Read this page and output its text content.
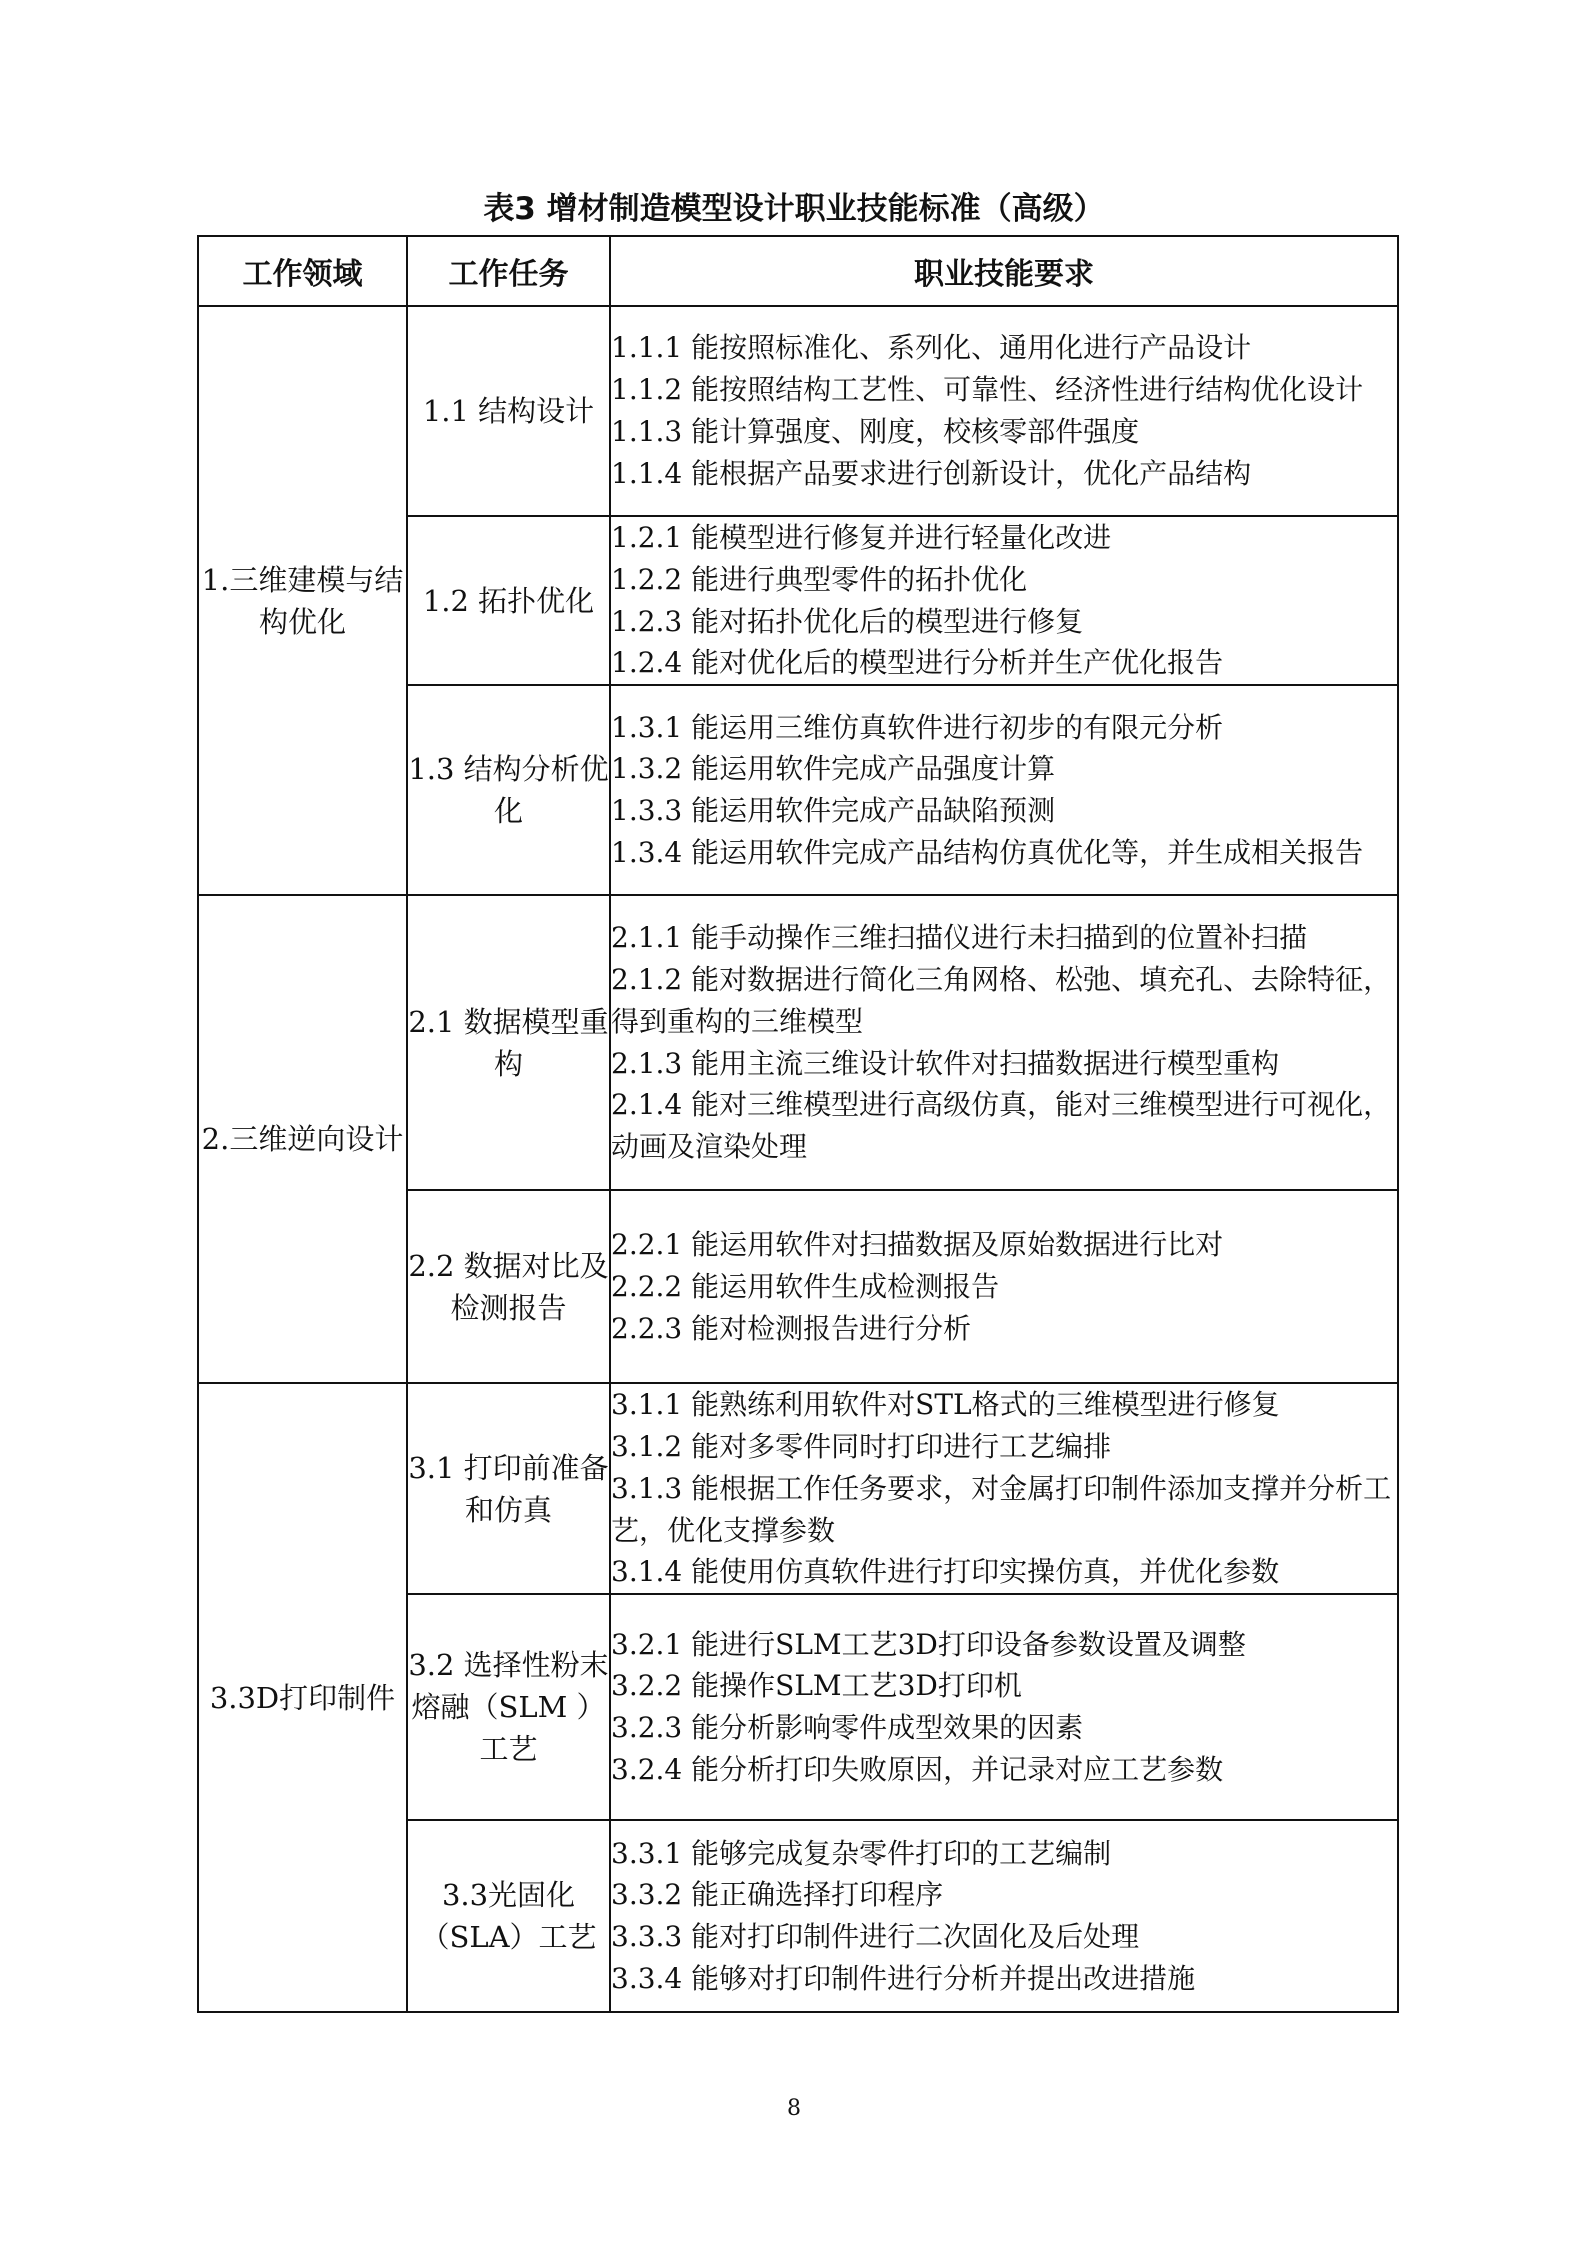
表3 增材制造模型设计职业技能标准（高级）
工作领域	工作任务	职业技能要求
1.三维建模与结构优化	1.1 结构设计	1.1.1 能按照标准化、系列化、通用化进行产品设计
1.1.2 能按照结构工艺性、可靠性、经济性进行结构优化设计
1.1.3 能计算强度、刚度，校核零部件强度
1.1.4 能根据产品要求进行创新设计，优化产品结构

	1.2 拓扑优化	1.2.1 能模型进行修复并进行轻量化改进
1.2.2 能进行典型零件的拓扑优化
1.2.3 能对拓扑优化后的模型进行修复
1.2.4 能对优化后的模型进行分析并生产优化报告

	1.3 结构分析优化	1.3.1 能运用三维仿真软件进行初步的有限元分析
1.3.2 能运用软件完成产品强度计算
1.3.3 能运用软件完成产品缺陷预测
1.3.4 能运用软件完成产品结构仿真优化等，并生成相关报告

2.三维逆向设计	2.1 数据模型重构	2.1.1 能手动操作三维扫描仪进行未扫描到的位置补扫描
2.1.2 能对数据进行简化三角网格、松弛、填充孔、去除特征，得到重构的三维模型
2.1.3 能用主流三维设计软件对扫描数据进行模型重构
2.1.4 能对三维模型进行高级仿真，能对三维模型进行可视化，动画及渲染处理

	2.2 数据对比及检测报告	2.2.1 能运用软件对扫描数据及原始数据进行比对
2.2.2 能运用软件生成检测报告
2.2.3 能对检测报告进行分析

3.3D打印制件	3.1 打印前准备和仿真	3.1.1 能熟练利用软件对STL格式的三维模型进行修复
3.1.2 能对多零件同时打印进行工艺编排
3.1.3 能根据工作任务要求，对金属打印制件添加支撑并分析工艺，优化支撑参数
3.1.4 能使用仿真软件进行打印实操仿真，并优化参数

	3.2 选择性粉末熔融（SLM ）工艺	3.2.1 能进行SLM工艺3D打印设备参数设置及调整
3.2.2 能操作SLM工艺3D打印机
3.2.3 能分析影响零件成型效果的因素
3.2.4 能分析打印失败原因，并记录对应工艺参数

	3.3光固化（SLA）工艺	3.3.1 能够完成复杂零件打印的工艺编制
3.3.2 能正确选择打印程序
3.3.3 能对打印制件进行二次固化及后处理
3.3.4 能够对打印制件进行分析并提出改进措施
8
